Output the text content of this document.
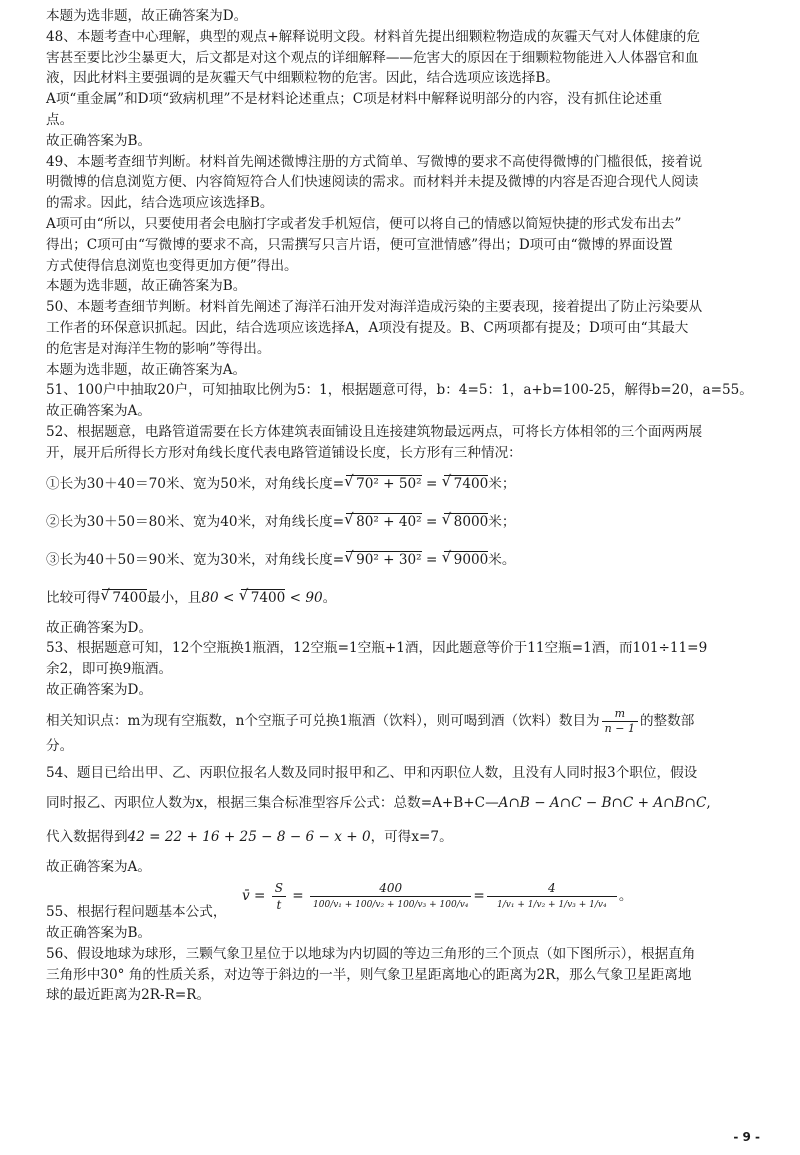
本题为选非题，故正确答案为D。
48、本题考查中心理解，典型的观点+解释说明文段。材料首先提出细颗粒物造成的灰霾天气对人体健康的危
害甚至要比沙尘暴更大，后文都是对这个观点的详细解释——危害大的原因在于细颗粒物能进入人体器官和血
液，因此材料主要强调的是灰霾天气中细颗粒物的危害。因此，结合选项应该选择B。
A项“重金属”和D项“致病机理”不是材料论述重点；C项是材料中解释说明部分的内容，没有抓住论述重
点。
故正确答案为B。
49、本题考查细节判断。材料首先阐述微博注册的方式简单、写微博的要求不高使得微博的门槛很低，接着说
明微博的信息浏览方便、内容简短符合人们快速阅读的需求。而材料并未提及微博的内容是否迎合现代人阅读
的需求。因此，结合选项应该选择B。
A项可由“所以，只要使用者会电脑打字或者发手机短信，便可以将自己的情感以简短快捷的形式发布出去”
得出；C项可由“写微博的要求不高，只需撰写只言片语，便可宣泄情感”得出；D项可由“微博的界面设置
方式使得信息浏览也变得更加方便”得出。
本题为选非题，故正确答案为B。
50、本题考查细节判断。材料首先阐述了海洋石油开发对海洋造成污染的主要表现，接着提出了防止污染要从
工作者的环保意识抓起。因此，结合选项应该选择A，A项没有提及。B、C两项都有提及；D项可由“其最大
的危害是对海洋生物的影响”等得出。
本题为选非题，故正确答案为A。
51、100户中抽取20户，可知抽取比例为5：1，根据题意可得，b：4=5：1，a+b=100-25，解得b=20，a=55。
故正确答案为A。
52、根据题意，电路管道需要在长方体建筑表面铺设且连接建筑物最远两点，可将长方体相邻的三个面两两展
开，展开后所得长方形对角线长度代表电路管道铺设长度，长方形有三种情况：
①长为30＋40＝70米、宽为50米，对角线长度= √ 70² + 50² = √ 7400米；
②长为30＋50＝80米、宽为40米，对角线长度= √ 80² + 40² = √ 8000米；
③长为40＋50＝90米、宽为30米，对角线长度= √ 90² + 30² = √ 9000米。
比较可得 √ 7400最小，且80 < √ 7400 < 90。
故正确答案为D。
53、根据题意可知，12个空瓶换1瓶酒，12空瓶=1空瓶+1酒，因此题意等价于11空瓶=1酒，而101÷11=9
余2，即可换9瓶酒。
故正确答案为D。
相关知识点：m为现有空瓶数，n个空瓶子可兑换1瓶酒（饮料），则可喝到酒（饮料）数目为 $\frac{m}{n - 1}$ 的整数部
分。
54、题目已给出甲、乙、丙职位报名人数及同时报甲和乙、甲和丙职位人数，且没有人同时报3个职位，假设
同时报乙、丙职位人数为x，根据三集合标准型容斥公式：总数=A+B+C—A∩B − A∩C − B∩C + A∩B∩C,
代入数据得到42 = 22 + 16 + 25 − 8 − 6 − x + 0，可得x=7。
故正确答案为A。
v̄ = $\frac{S}{t} = \frac{400}{\text{100/v₁ + 100/v₂ + 100/v₃ + 100/v₄}} = \frac{4}{\text{1/v₁ + 1/v₂ + 1/v₃ + 1/v₄}}$ 。
55、根据行程问题基本公式，
故正确答案为B。
56、假设地球为球形，三颗气象卫星位于以地球为内切圆的等边三角形的三个顶点（如下图所示），根据直角
三角形中30° 角的性质关系，对边等于斜边的一半，则气象卫星距离地心的距离为2R，那么气象卫星距离地
球的最近距离为2R-R=R。
- 9 -
